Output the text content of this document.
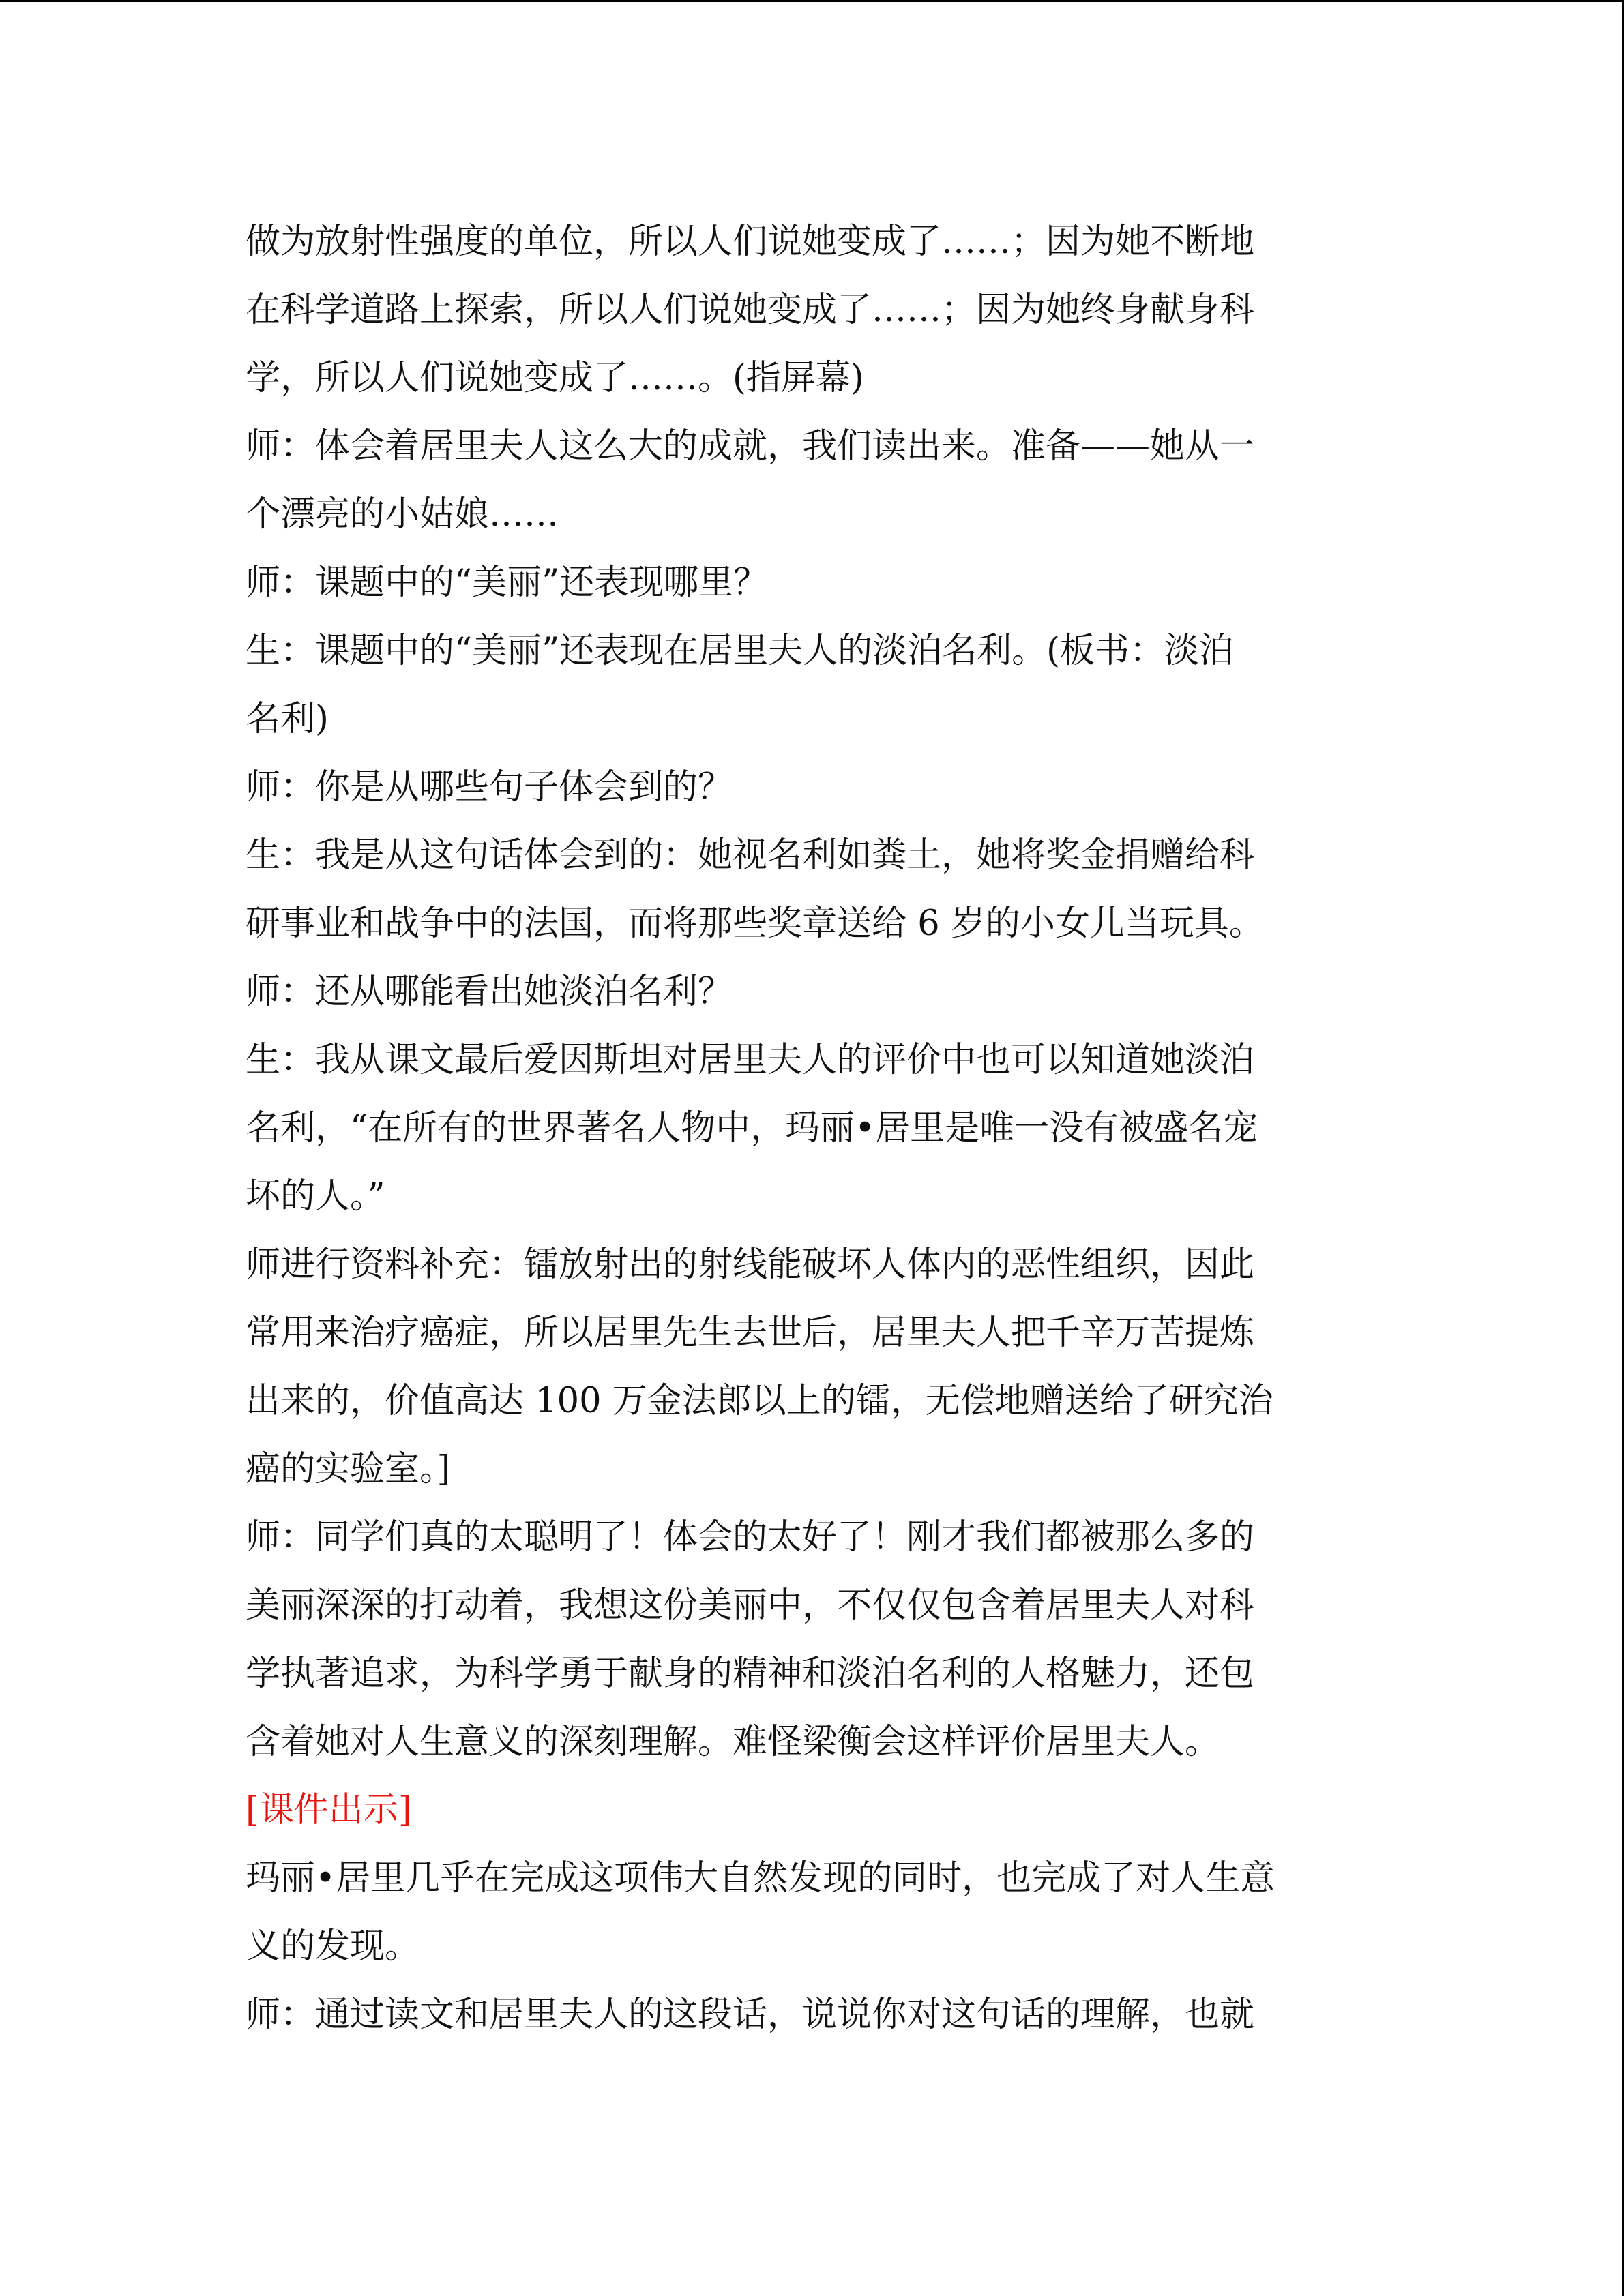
做为放射性强度的单位，所以人们说她变成了……；因为她不断地
在科学道路上探索，所以人们说她变成了……；因为她终身献身科
学，所以人们说她变成了……。(指屏幕)
师：体会着居里夫人这么大的成就，我们读出来。准备——她从一
个漂亮的小姑娘……
师：课题中的“美丽”还表现哪里？
生：课题中的“美丽”还表现在居里夫人的淡泊名利。(板书：淡泊
名利)
师：你是从哪些句子体会到的？
生：我是从这句话体会到的：她视名利如粪土，她将奖金捐赠给科
研事业和战争中的法国，而将那些奖章送给 6 岁的小女儿当玩具。
师：还从哪能看出她淡泊名利？
生：我从课文最后爱因斯坦对居里夫人的评价中也可以知道她淡泊
名利，“在所有的世界著名人物中，玛丽•居里是唯一没有被盛名宠
坏的人。”
师进行资料补充：镭放射出的射线能破坏人体内的恶性组织，因此
常用来治疗癌症，所以居里先生去世后，居里夫人把千辛万苦提炼
出来的，价值高达 100 万金法郎以上的镭，无偿地赠送给了研究治
癌的实验室。]
师：同学们真的太聪明了！体会的太好了！刚才我们都被那么多的
美丽深深的打动着，我想这份美丽中，不仅仅包含着居里夫人对科
学执著追求，为科学勇于献身的精神和淡泊名利的人格魅力，还包
含着她对人生意义的深刻理解。难怪梁衡会这样评价居里夫人。
[课件出示]
玛丽•居里几乎在完成这项伟大自然发现的同时，也完成了对人生意
义的发现。
师：通过读文和居里夫人的这段话，说说你对这句话的理解，也就
